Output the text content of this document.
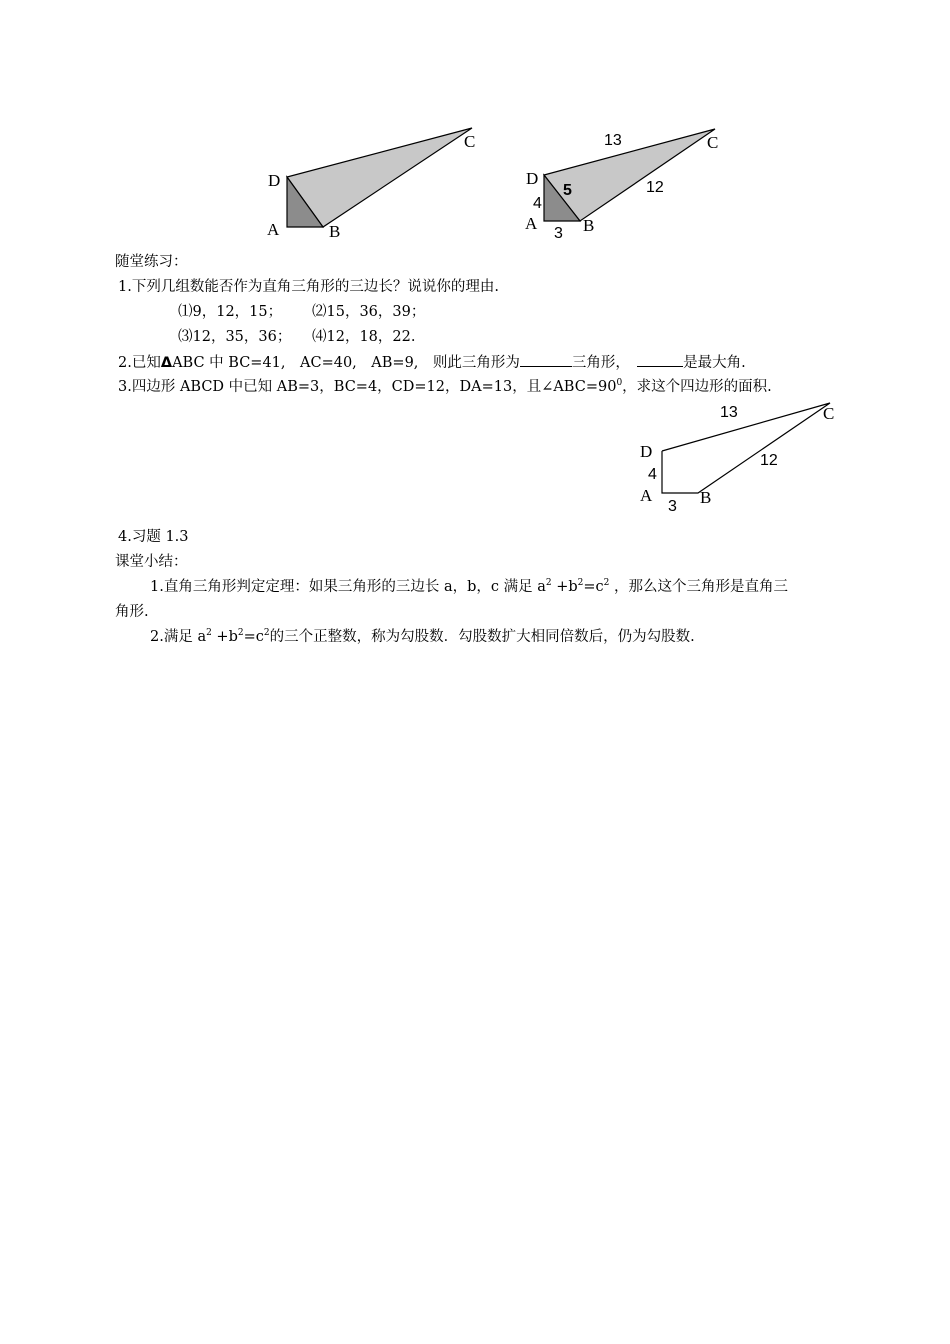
C
D
A	B
13	C
12
D
5
4
A	B
3
随堂练习：
1.下列几组数能否作为直角三角形的三边长？说说你的理由.
⑴9，12，15； ⑵15，36，39；
⑶12，35，36； ⑷12，18，22.
2.已知ΔABC 中 BC=41,　AC=40,　AB=9,　则此三角形为	三角形，　	是最大角.
3.四边形 ABCD 中已知 AB=3，BC=4，CD=12，DA=13，且$\angle ABC=90^0$，求这个四边形的面积.
13	C
D	12
4
A	B
3
4.习题 1.3
课堂小结：
1.直角三角形判定定理：如果三角形的三边长 a，b，c 满足 $a^2 +b^2=c^2$ ，那么这个三角形是直角三
角形.
2.满足 $a^2 +b^2=c^2$的三个正整数，称为勾股数．勾股数扩大相同倍数后，仍为勾股数.
